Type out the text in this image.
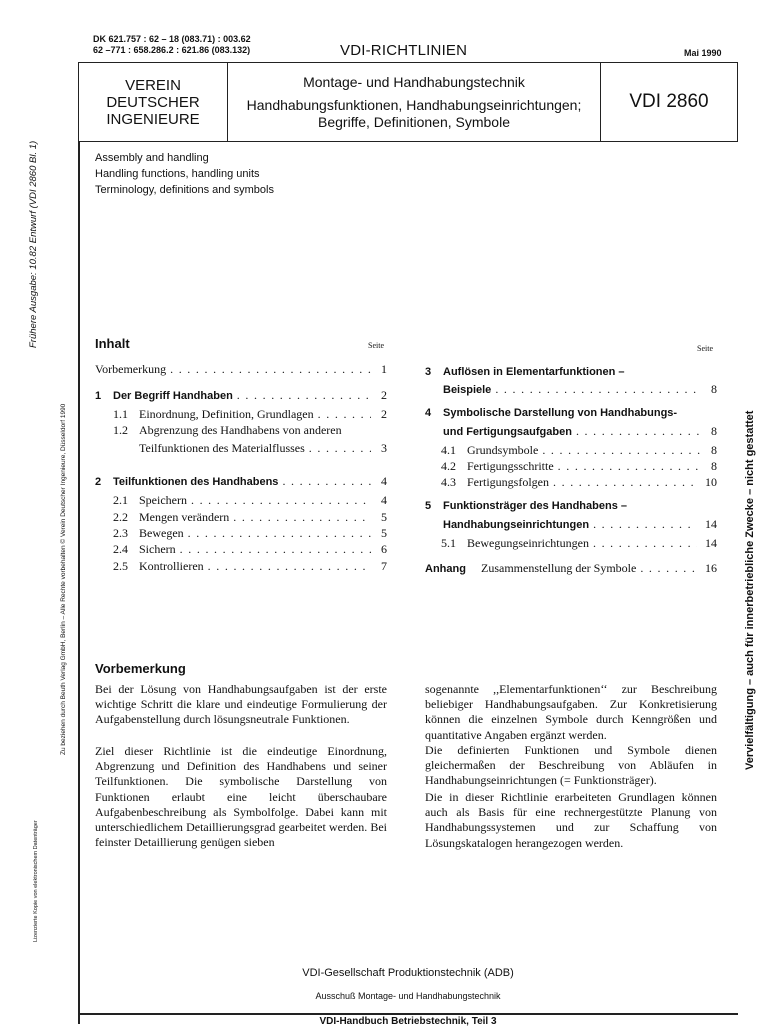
DK 621.757 : 62 – 18 (083.71) : 003.62
62 –771 : 658.286.2 : 621.86 (083.132)	VDI-RICHTLINIEN	Mai 1990
VEREIN
DEUTSCHER
INGENIEURE
Montage- und Handhabungstechnik
Handhabungsfunktionen, Handhabungseinrichtungen;
Begriffe, Definitionen, Symbole
VDI 2860
Assembly and handling
Handling functions, handling units
Terminology, definitions and symbols
Frühere Ausgabe: 10.82 Entwurf (VDI 2860 Bl. 1)
Zu beziehen durch Beuth Verlag GmbH, Berlin – Alle Rechte vorbehalten © Verein Deutscher Ingenieure, Düsseldorf 1990
Lizenzierte Kopie von elektronischem Datenträger
Vervielfältigung – auch für innerbetriebliche Zwecke – nicht gestattet
Inhalt	Seite	Seite
Vorbemerkung . . .	1
1 Der Begriff Handhaben . . .	2
1.1 Einordnung, Definition, Grundlagen . . .	2
1.2 Abgrenzung des Handhabens von anderen
Teilfunktionen des Materialflusses . . .	3
2 Teilfunktionen des Handhabens . . .	4
2.1 Speichern . . .	4
2.2 Mengen verändern . . .	5
2.3 Bewegen . . .	5
2.4 Sichern . . .	6
2.5 Kontrollieren . . .	7
3 Auflösen in Elementarfunktionen –
Beispiele . . .	8
4 Symbolische Darstellung von Handhabungs-
und Fertigungsaufgaben . . .	8
4.1 Grundsymbole . . .	8
4.2 Fertigungsschritte . . .	8
4.3 Fertigungsfolgen . . .	10
5 Funktionsträger des Handhabens –
Handhabungseinrichtungen . . .	14
5.1 Bewegungseinrichtungen . . .	14
Anhang Zusammenstellung der Symbole . . .	16
Vorbemerkung
Bei der Lösung von Handhabungsaufgaben ist der erste wichtige Schritt die klare und eindeutige Formulierung der Aufgabenstellung durch lösungsneutrale Funktionen.
Ziel dieser Richtlinie ist die eindeutige Einordnung, Abgrenzung und Definition des Handhabens und seiner Teilfunktionen. Die symbolische Darstellung von Funktionen erlaubt eine leicht überschaubare Aufgabenbeschreibung als Symbolfolge. Dabei kann mit unterschiedlichem Detaillierungsgrad gearbeitet werden. Bei feinster Detaillierung genügen sieben
sogenannte ,,Elementarfunktionen‘‘ zur Beschreibung beliebiger Handhabungsaufgaben. Zur Konkretisierung können die einzelnen Symbole durch Kenngrößen und quantitative Angaben ergänzt werden.
Die definierten Funktionen und Symbole dienen gleichermaßen der Beschreibung von Abläufen in Handhabungseinrichtungen (= Funktionsträger).
Die in dieser Richtlinie erarbeiteten Grundlagen können auch als Basis für eine rechnergestützte Planung von Handhabungssystemen und zur Schaffung von Lösungskatalogen herangezogen werden.
VDI-Gesellschaft Produktionstechnik (ADB)
Ausschuß Montage- und Handhabungstechnik
VDI-Handbuch Betriebstechnik, Teil 3
